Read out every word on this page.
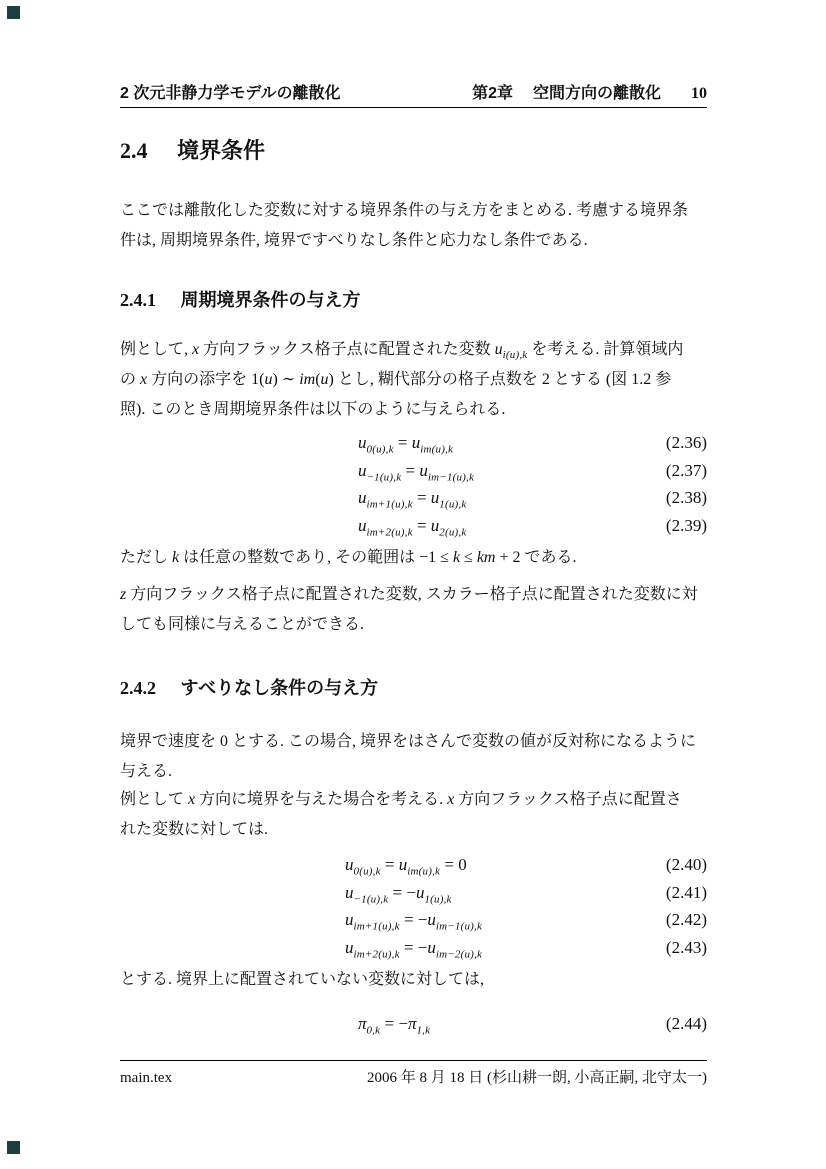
2 次元非静力学モデルの離散化	第2章 空間方向の離散化 10
2.4 境界条件
ここでは離散化した変数に対する境界条件の与え方をまとめる. 考慮する境界条
件は, 周期境界条件, 境界ですべりなし条件と応力なし条件である.
2.4.1 周期境界条件の与え方
例として, x 方向フラックス格子点に配置された変数 $u_{i(u),k}$ を考える. 計算領域内
の x 方向の添字を 1(u) ∼ im(u) とし, 糊代部分の格子点数を 2 とする (図 1.2 参
照). このとき周期境界条件は以下のように与えられる.
$u_{0(u),k} = u_{im(u),k}$	(2.36)
$u_{-1(u),k} = u_{im-1(u),k}$	(2.37)
$u_{im+1(u),k} = u_{1(u),k}$	(2.38)
$u_{im+2(u),k} = u_{2(u),k}$	(2.39)
ただし k は任意の整数であり, その範囲は −1 ≤ k ≤ km + 2 である.
z 方向フラックス格子点に配置された変数, スカラー格子点に配置された変数に対
しても同様に与えることができる.
2.4.2 すべりなし条件の与え方
境界で速度を 0 とする. この場合, 境界をはさんで変数の値が反対称になるように
与える.
例として x 方向に境界を与えた場合を考える. x 方向フラックス格子点に配置さ
れた変数に対しては.
$u_{0(u),k} = u_{im(u),k} = 0$	(2.40)
$u_{-1(u),k} = -u_{1(u),k}$	(2.41)
$u_{im+1(u),k} = -u_{im-1(u),k}$	(2.42)
$u_{im+2(u),k} = -u_{im-2(u),k}$	(2.43)
とする. 境界上に配置されていない変数に対しては,
$\pi_{0,k} = -\pi_{1,k}$	(2.44)
main.tex	2006 年 8 月 18 日 (杉山耕一朗, 小高正嗣, 北守太一)
